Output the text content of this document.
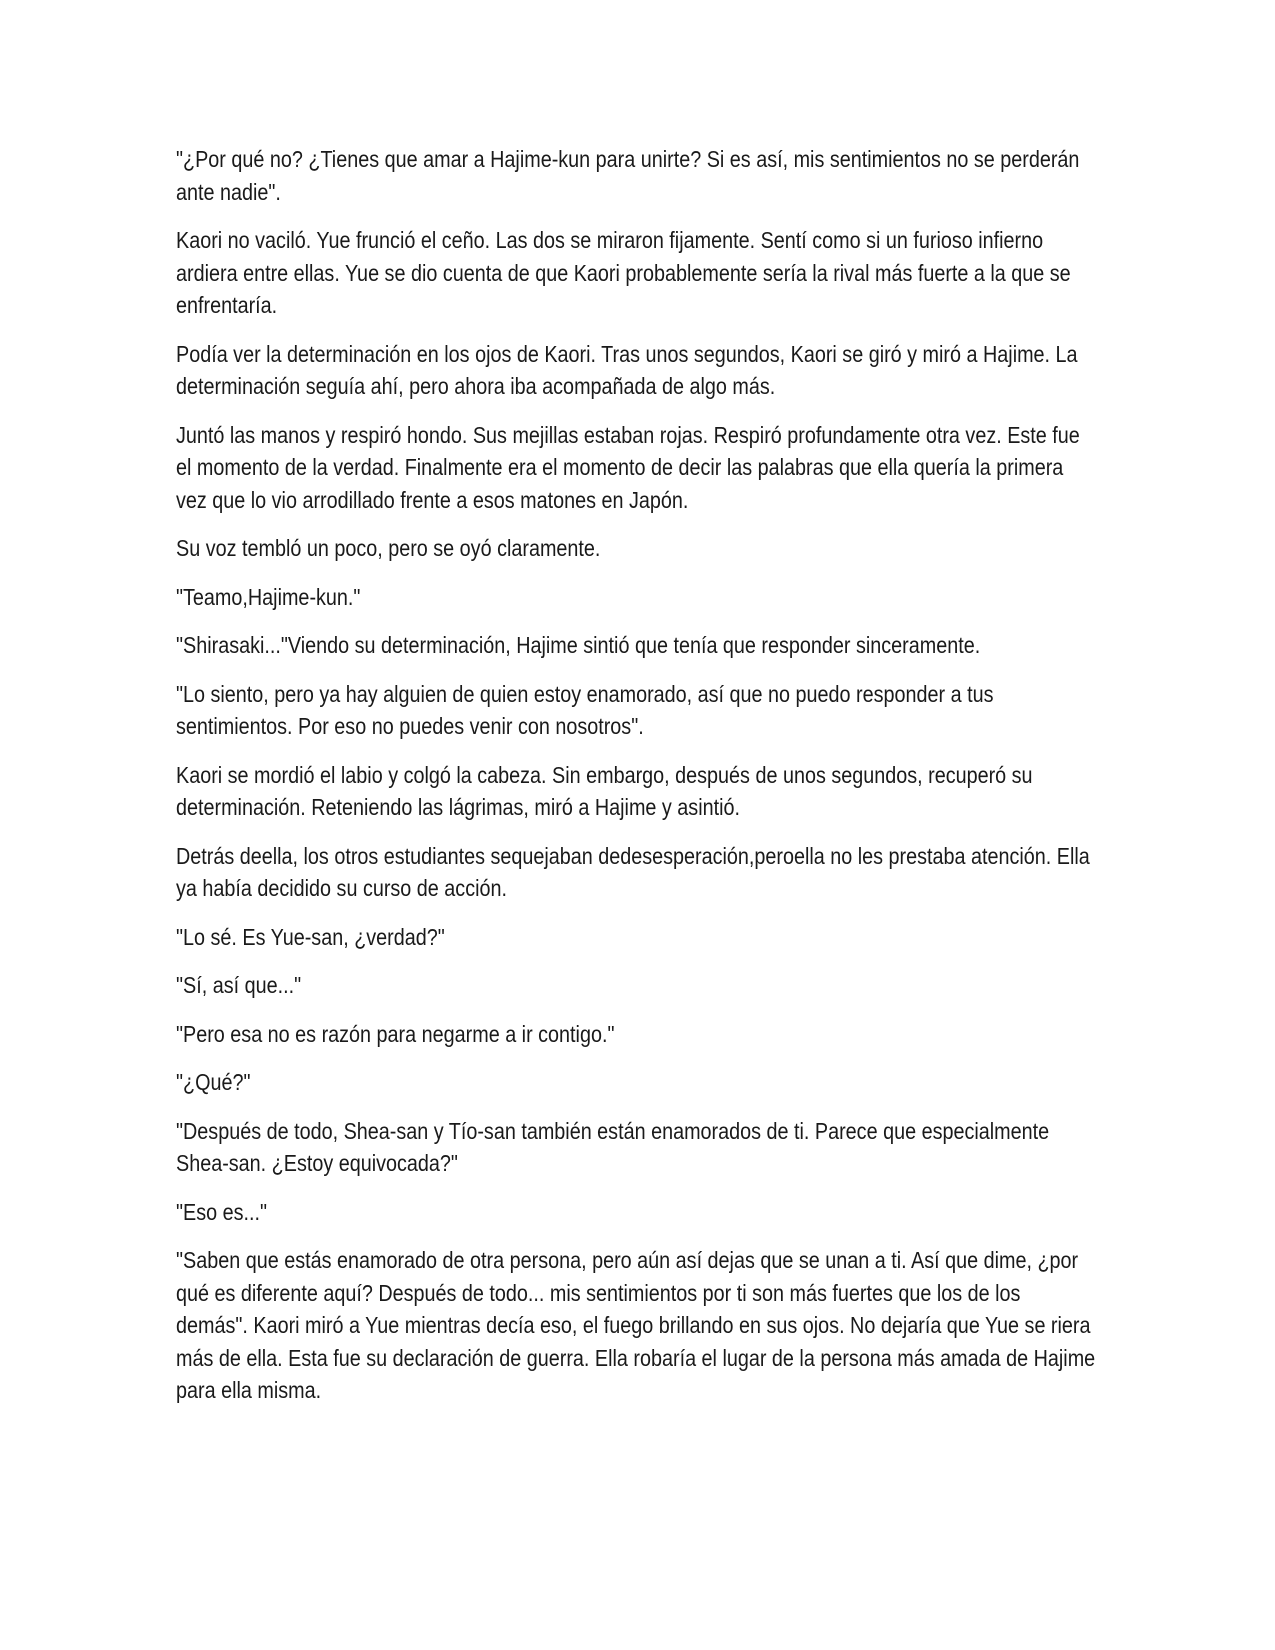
"¿Por qué no? ¿Tienes que amar a Hajime-kun para unirte? Si es así, mis sentimientos no se perderán ante nadie".

Kaori no vaciló. Yue frunció el ceño. Las dos se miraron fijamente. Sentí como si un furioso infierno ardiera entre ellas. Yue se dio cuenta de que Kaori probablemente sería la rival más fuerte a la que se enfrentaría.

Podía ver la determinación en los ojos de Kaori. Tras unos segundos, Kaori se giró y miró a Hajime. La determinación seguía ahí, pero ahora iba acompañada de algo más.

Juntó las manos y respiró hondo. Sus mejillas estaban rojas. Respiró profundamente otra vez. Este fue el momento de la verdad. Finalmente era el momento de decir las palabras que ella quería la primera vez que lo vio arrodillado frente a esos matones en Japón.

Su voz tembló un poco, pero se oyó claramente.

"Teamo,Hajime-kun."

"Shirasaki..."Viendo su determinación, Hajime sintió que tenía que responder sinceramente.

"Lo siento, pero ya hay alguien de quien estoy enamorado, así que no puedo responder a tus sentimientos. Por eso no puedes venir con nosotros".

Kaori se mordió el labio y colgó la cabeza. Sin embargo, después de unos segundos, recuperó su determinación. Reteniendo las lágrimas, miró a Hajime y asintió.

Detrás deella, los otros estudiantes sequejaban dedesesperación,peroella no les prestaba atención. Ella ya había decidido su curso de acción.

"Lo sé. Es Yue-san, ¿verdad?"

"Sí, así que..."

"Pero esa no es razón para negarme a ir contigo."

"¿Qué?"

"Después de todo, Shea-san y Tío-san también están enamorados de ti. Parece que especialmente Shea-san. ¿Estoy equivocada?"

"Eso es..."

"Saben que estás enamorado de otra persona, pero aún así dejas que se unan a ti. Así que dime, ¿por qué es diferente aquí? Después de todo... mis sentimientos por ti son más fuertes que los de los demás". Kaori miró a Yue mientras decía eso, el fuego brillando en sus ojos. No dejaría que Yue se riera más de ella. Esta fue su declaración de guerra. Ella robaría el lugar de la persona más amada de Hajime para ella misma.
